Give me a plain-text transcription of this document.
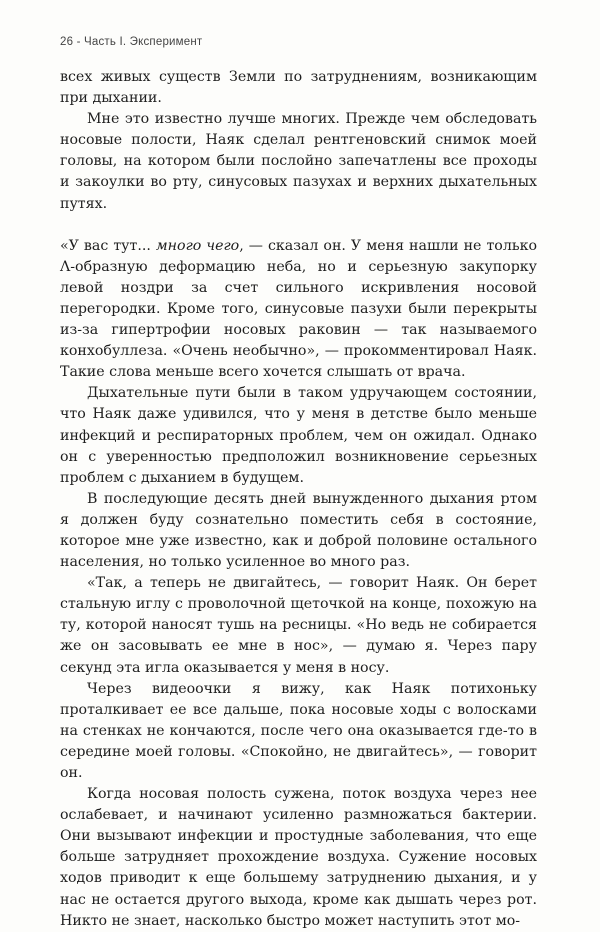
26 - Часть I. Эксперимент

всех живых существ Земли по затруднениям, возникающим при дыхании.

Мне это известно лучше многих. Прежде чем обследовать носовые полости, Наяк сделал рентгеновский снимок моей головы, на котором были послойно запечатлены все проходы и закоулки во рту, синусовых пазухах и верхних дыхательных путях.

«У вас тут... много чего, — сказал он. У меня нашли не только Λ-образную деформацию неба, но и серьезную закупорку левой ноздри за счет сильного искривления носовой перегородки. Кроме того, синусовые пазухи были перекрыты из-за гипертрофии носовых раковин — так называемого конхобуллеза. «Очень необычно», — прокомментировал Наяк. Такие слова меньше всего хочется слышать от врача.

Дыхательные пути были в таком удручающем состоянии, что Наяк даже удивился, что у меня в детстве было меньше инфекций и респираторных проблем, чем он ожидал. Однако он с уверенностью предположил возникновение серьезных проблем с дыханием в будущем.

В последующие десять дней вынужденного дыхания ртом я должен буду сознательно поместить себя в состояние, которое мне уже известно, как и доброй половине остального населения, но только усиленное во много раз.

«Так, а теперь не двигайтесь, — говорит Наяк. Он берет стальную иглу с проволочной щеточкой на конце, похожую на ту, которой наносят тушь на ресницы. «Но ведь не собирается же он засовывать ее мне в нос», — думаю я. Через пару секунд эта игла оказывается у меня в носу.

Через видеоочки я вижу, как Наяк потихоньку проталкивает ее все дальше, пока носовые ходы с волосками на стенках не кончаются, после чего она оказывается где-то в середине моей головы. «Спокойно, не двигайтесь», — говорит он.

Когда носовая полость сужена, поток воздуха через нее ослабевает, и начинают усиленно размножаться бактерии. Они вызывают инфекции и простудные заболевания, что еще больше затрудняет прохождение воздуха. Сужение носовых ходов приводит к еще большему затруднению дыхания, и у нас не остается другого выхода, кроме как дышать через рот. Никто не знает, насколько быстро может наступить этот мо-
